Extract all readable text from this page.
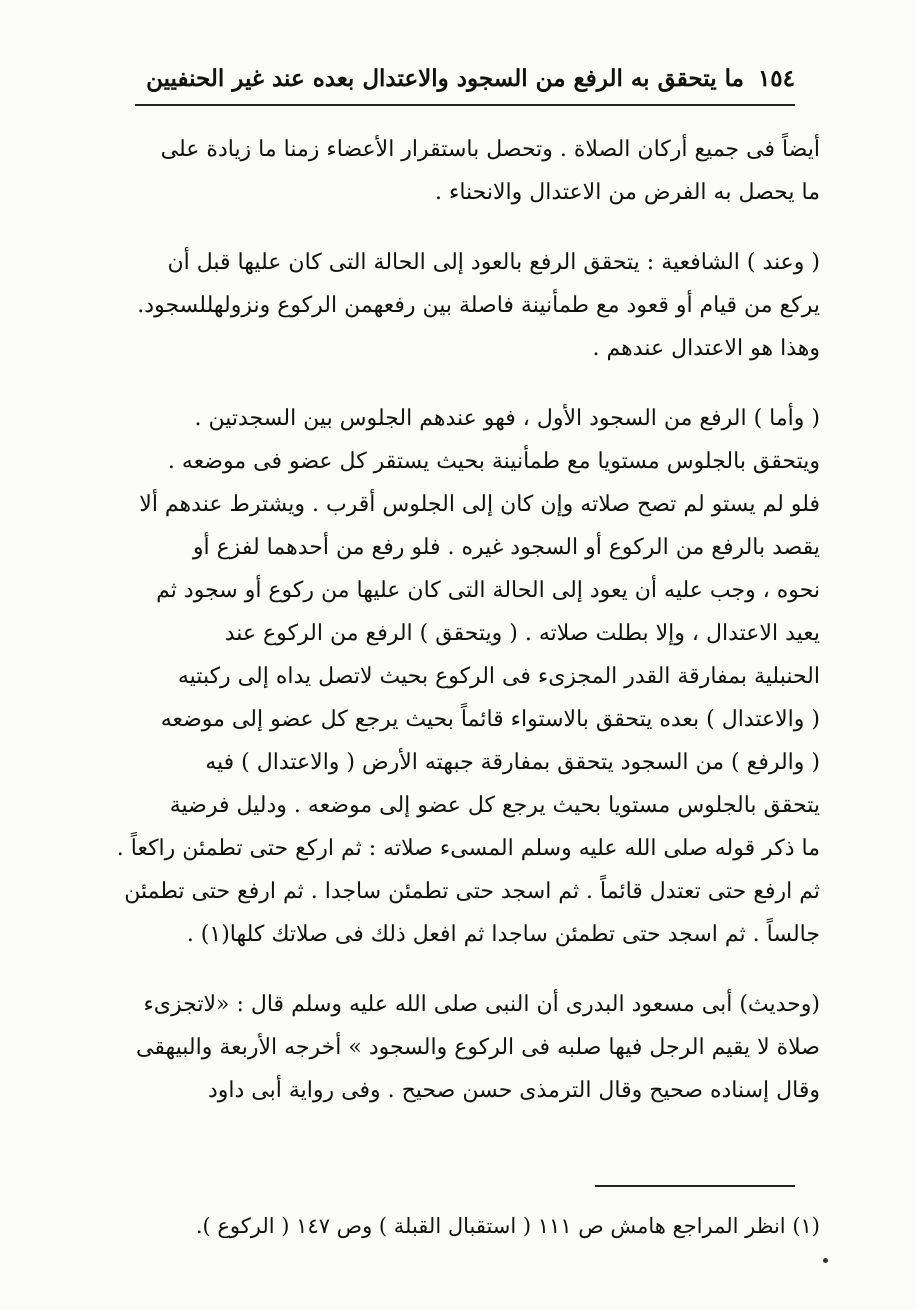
١٥٤
ما يتحقق به الرفع من السجود والاعتدال بعده عند غير الحنفيين
أيضاً فى جميع أركان الصلاة . وتحصل باستقرار الأعضاء زمنا ما زيادة على
ما يحصل به الفرض من الاعتدال والانحناء .
( وعند ) الشافعية : يتحقق الرفع بالعود إلى الحالة التى كان عليها قبل أن
يركع من قيام أو قعود مع طمأنينة فاصلة بين رفعهمن الركوع ونزولهللسجود.
وهذا هو الاعتدال عندهم .
( وأما ) الرفع من السجود الأول ، فهو عندهم الجلوس بين السجدتين .
ويتحقق بالجلوس مستويا مع طمأنينة بحيث يستقر كل عضو فى موضعه .
فلو لم يستو لم تصح صلاته وإن كان إلى الجلوس أقرب . ويشترط عندهم ألا
يقصد بالرفع من الركوع أو السجود غيره . فلو رفع من أحدهما لفزع أو
نحوه ، وجب عليه أن يعود إلى الحالة التى كان عليها من ركوع أو سجود ثم
يعيد الاعتدال ، وإلا بطلت صلاته . ( ويتحقق ) الرفع من الركوع عند
الحنبلية بمفارقة القدر المجزىء فى الركوع بحيث لاتصل يداه إلى ركبتيه
( والاعتدال ) بعده يتحقق بالاستواء قائماً بحيث يرجع كل عضو إلى موضعه
( والرفع ) من السجود يتحقق بمفارقة جبهته الأرض ( والاعتدال ) فيه
يتحقق بالجلوس مستويا بحيث يرجع كل عضو إلى موضعه . ودليل فرضية
ما ذكر قوله صلى الله عليه وسلم المسىء صلاته : ثم اركع حتى تطمئن راكعاً .
ثم ارفع حتى تعتدل قائماً . ثم اسجد حتى تطمئن ساجدا . ثم ارفع حتى تطمئن
جالساً . ثم اسجد حتى تطمئن ساجدا ثم افعل ذلك فى صلاتك كلها(١) .
(وحديث) أبى مسعود البدرى أن النبى صلى الله عليه وسلم قال : «لاتجزىء
صلاة لا يقيم الرجل فيها صلبه فى الركوع والسجود » أخرجه الأربعة والبيهقى
وقال إسناده صحيح وقال الترمذى حسن صحيح . وفى رواية أبى داود
(١) انظر المراجع هامش ص ١١١ ( استقبال القبلة ) وص ١٤٧ ( الركوع ).
